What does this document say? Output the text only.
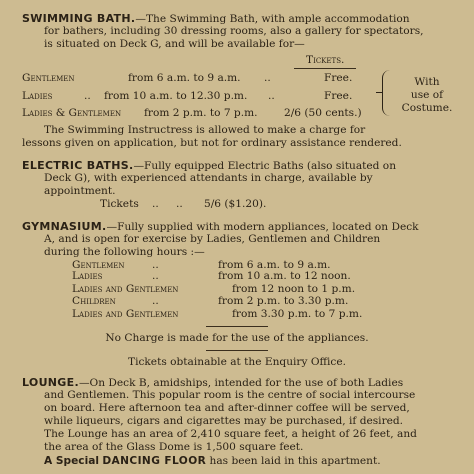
SWIMMING BATH.—The Swimming Bath, with ample accommodation
for bathers, including 30 dressing rooms, also a gallery for spectators,
is situated on Deck G, and will be available for—
Tickets.
Gentlemen	from 6 a.m. to 9 a.m. ..	Free.
Ladies	.. from 10 a.m. to 12.30 p.m. ..	Free.
Ladies & Gentlemen from 2 p.m. to 7 p.m.	2/6 (50 cents.)
With
use of
Costume.
The Swimming Instructress is allowed to make a charge for
lessons given on application, but not for ordinary assistance rendered.
ELECTRIC BATHS.—Fully equipped Electric Baths (also situated on
Deck G), with experienced attendants in charge, available by
appointment.
Tickets .. .. 5/6 ($1.20).
GYMNASIUM.—Fully supplied with modern appliances, located on Deck
A, and is open for exercise by Ladies, Gentlemen and Children
during the following hours :—
Gentlemen	..	from 6 a.m. to 9 a.m.
Ladies	..	from 10 a.m. to 12 noon.
Ladies and Gentlemen	from 12 noon to 1 p.m.
Children	..	from 2 p.m. to 3.30 p.m.
Ladies and Gentlemen	from 3.30 p.m. to 7 p.m.
No Charge is made for the use of the appliances.
Tickets obtainable at the Enquiry Office.
LOUNGE.—On Deck B, amidships, intended for the use of both Ladies
and Gentlemen. This popular room is the centre of social intercourse
on board. Here afternoon tea and after-dinner coffee will be served,
while liqueurs, cigars and cigarettes may be purchased, if desired.
The Lounge has an area of 2,410 square feet, a height of 26 feet, and
the area of the Glass Dome is 1,500 square feet.
A Special DANCING FLOOR has been laid in this apartment.
